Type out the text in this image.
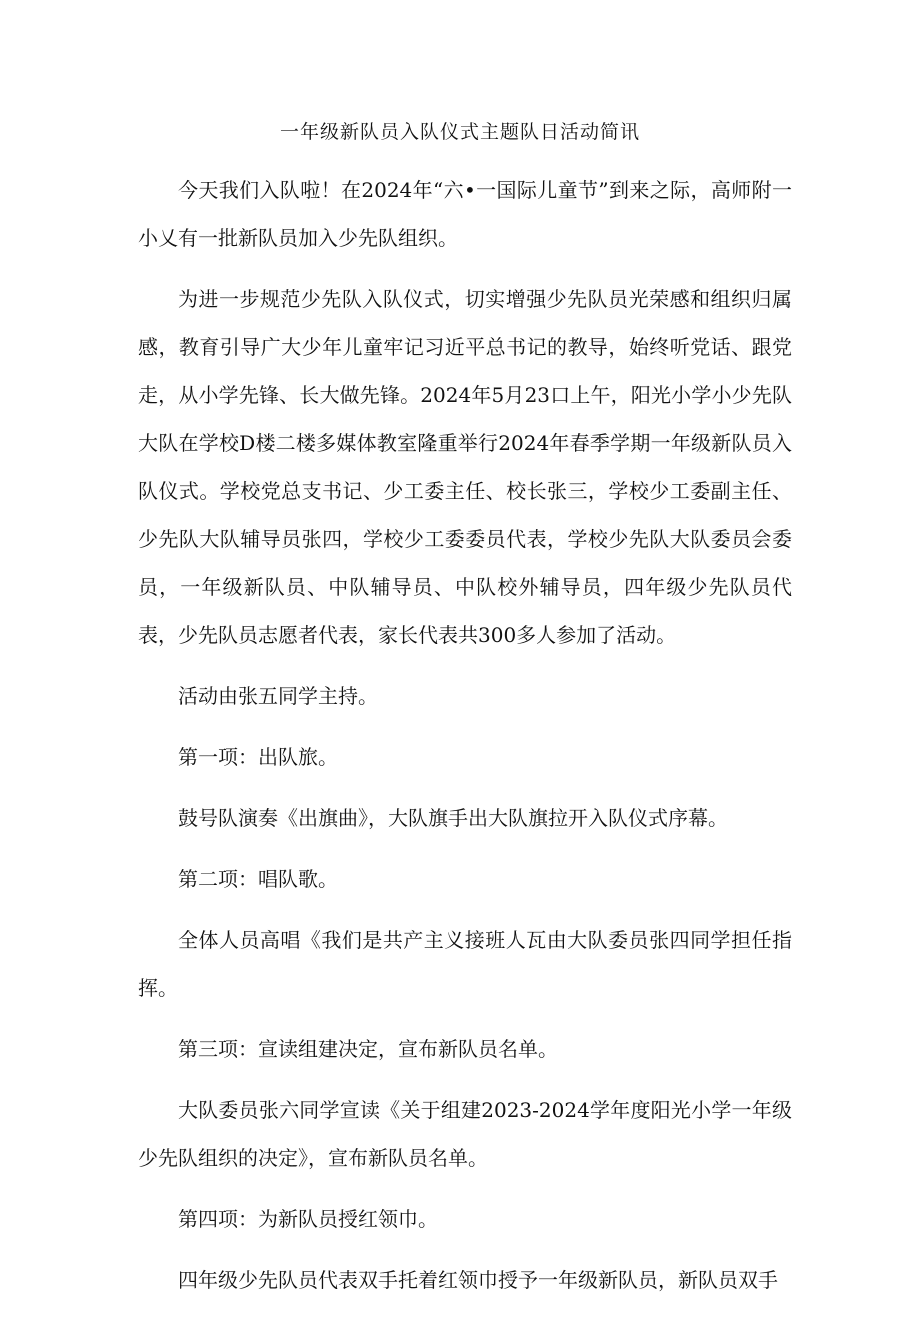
一年级新队员入队仪式主题队日活动简讯

今天我们入队啦！在2024年“六•一国际儿童节”到来之际，高师附一小乂有一批新队员加入少先队组织。

为进一步规范少先队入队仪式，切实增强少先队员光荣感和组织归属感，教育引导广大少年儿童牢记习近平总书记的教导，始终听党话、跟党走，从小学先锋、长大做先锋。2024年5月23口上午，阳光小学小少先队大队在学校D楼二楼多媒体教室隆重举行2024年春季学期一年级新队员入队仪式。学校党总支书记、少工委主任、校长张三，学校少工委副主任、少先队大队辅导员张四，学校少工委委员代表，学校少先队大队委员会委员，一年级新队员、中队辅导员、中队校外辅导员，四年级少先队员代表，少先队员志愿者代表，家长代表共300多人参加了活动。

活动由张五同学主持。

第一项：出队旅。

鼓号队演奏《出旗曲》，大队旗手出大队旗拉开入队仪式序幕。

第二项：唱队歌。

全体人员高唱《我们是共产主义接班人瓦由大队委员张四同学担任指挥。

第三项：宣读组建决定，宣布新队员名单。

大队委员张六同学宣读《关于组建2023-2024学年度阳光小学一年级少先队组织的决定》，宣布新队员名单。

第四项：为新队员授红领巾。

四年级少先队员代表双手托着红领巾授予一年级新队员，新队员双手
